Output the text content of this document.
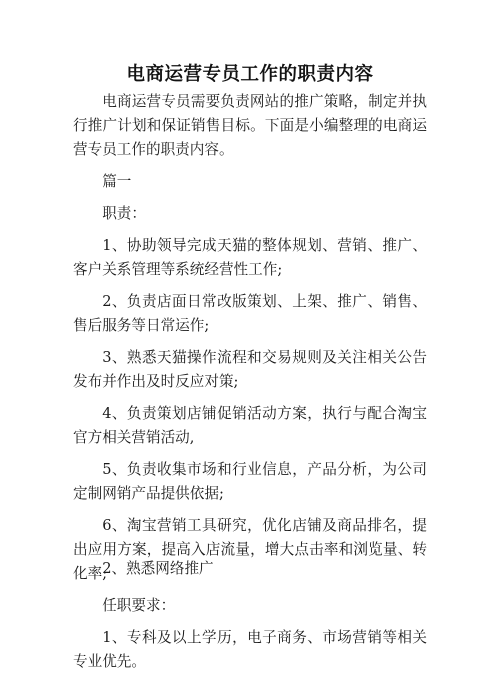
电商运营专员工作的职责内容

电商运营专员需要负责网站的推广策略，制定并执行推广计划和保证销售目标。下面是小编整理的电商运营专员工作的职责内容。

篇一

职责：

1、协助领导完成天猫的整体规划、营销、推广、客户关系管理等系统经营性工作;

2、负责店面日常改版策划、上架、推广、销售、售后服务等日常运作;

3、熟悉天猫操作流程和交易规则及关注相关公告发布并作出及时反应对策;

4、负责策划店铺促销活动方案，执行与配合淘宝官方相关营销活动,

5、负责收集市场和行业信息，产品分析，为公司定制网销产品提供依据;

6、淘宝营销工具研究，优化店铺及商品排名，提出应用方案，提高入店流量，增大点击率和浏览量、转化率;

任职要求：

1、专科及以上学历，电子商务、市场营销等相关专业优先。

2、熟悉网络推广
